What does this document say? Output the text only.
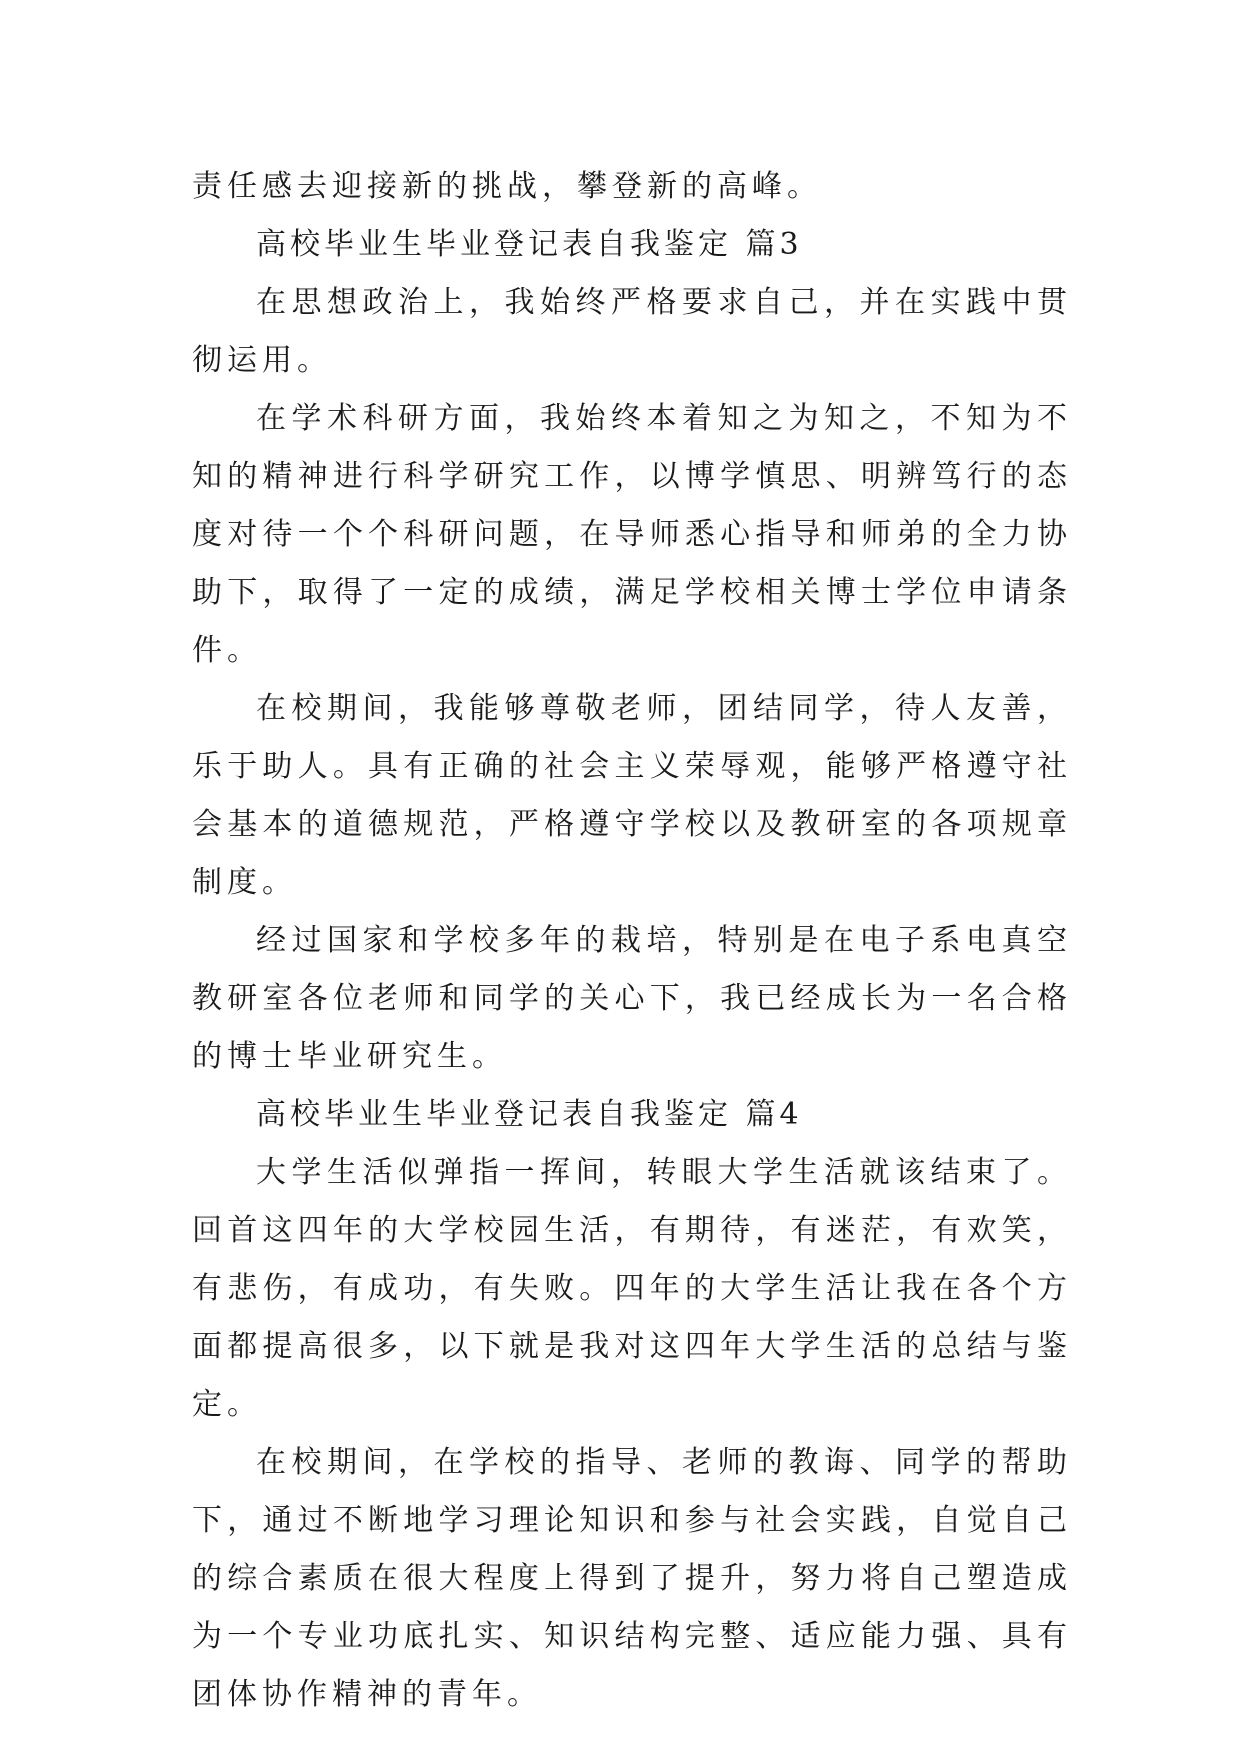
责任感去迎接新的挑战，攀登新的高峰。

高校毕业生毕业登记表自我鉴定 篇3

在思想政治上，我始终严格要求自己，并在实践中贯彻运用。

在学术科研方面，我始终本着知之为知之，不知为不知的精神进行科学研究工作，以博学慎思、明辨笃行的态度对待一个个科研问题，在导师悉心指导和师弟的全力协助下，取得了一定的成绩，满足学校相关博士学位申请条件。

在校期间，我能够尊敬老师，团结同学，待人友善，乐于助人。具有正确的社会主义荣辱观，能够严格遵守社会基本的道德规范，严格遵守学校以及教研室的各项规章制度。

经过国家和学校多年的栽培，特别是在电子系电真空教研室各位老师和同学的关心下，我已经成长为一名合格的博士毕业研究生。

高校毕业生毕业登记表自我鉴定 篇4

大学生活似弹指一挥间，转眼大学生活就该结束了。回首这四年的大学校园生活，有期待，有迷茫，有欢笑，有悲伤，有成功，有失败。四年的大学生活让我在各个方面都提高很多，以下就是我对这四年大学生活的总结与鉴定。

在校期间，在学校的指导、老师的教诲、同学的帮助下，通过不断地学习理论知识和参与社会实践，自觉自己的综合素质在很大程度上得到了提升，努力将自己塑造成为一个专业功底扎实、知识结构完整、适应能力强、具有团体协作精神的青年。
